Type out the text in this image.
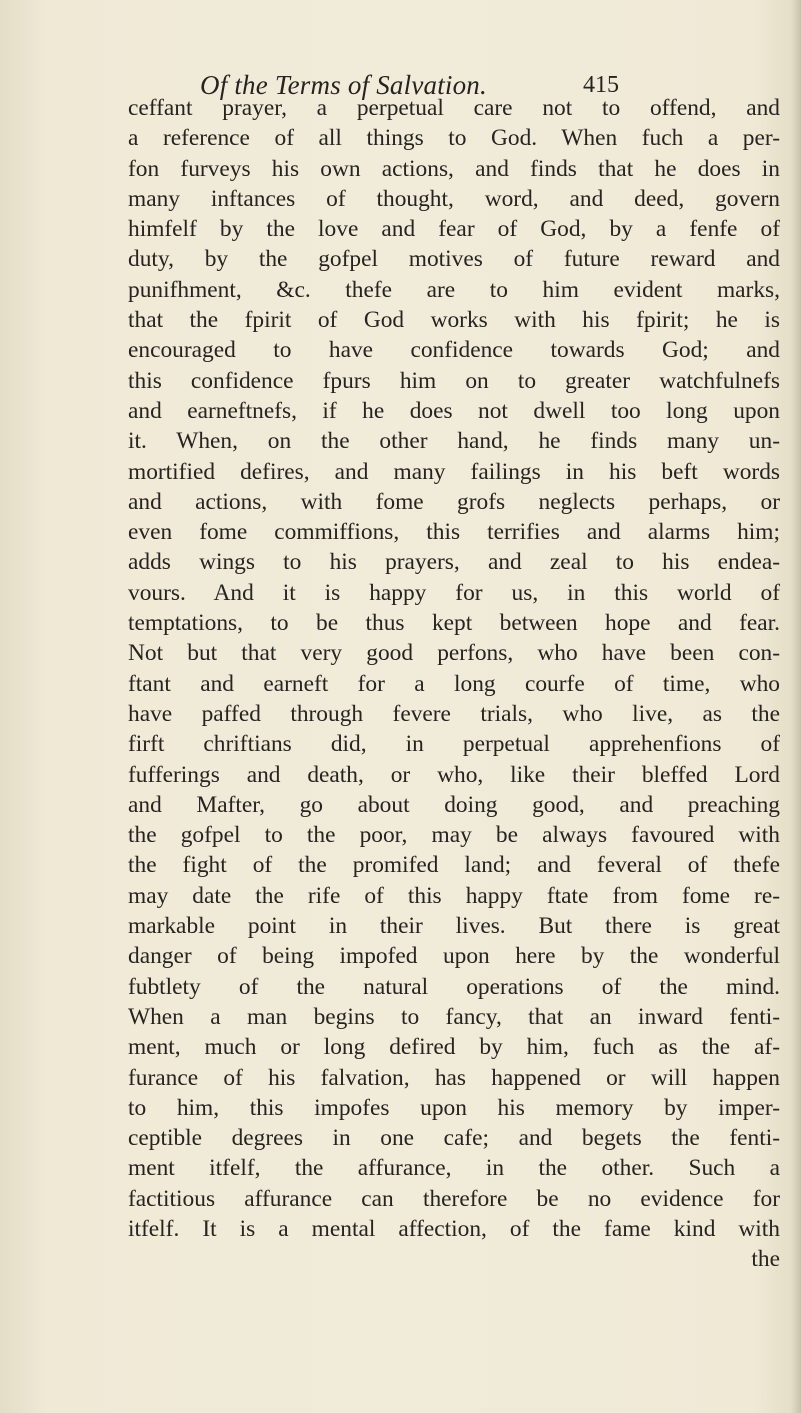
Of the Terms of Salvation.	415
ceffant prayer, a perpetual care not to offend, and
a reference of all things to God. When fuch a per-
fon furveys his own actions, and finds that he does in
many inftances of thought, word, and deed, govern
himfelf by the love and fear of God, by a fenfe of
duty, by the gofpel motives of future reward and
punifhment, &c. thefe are to him evident marks,
that the fpirit of God works with his fpirit; he is
encouraged to have confidence towards God; and
this confidence fpurs him on to greater watchfulnefs
and earneftnefs, if he does not dwell too long upon
it. When, on the other hand, he finds many un-
mortified defires, and many failings in his beft words
and actions, with fome grofs neglects perhaps, or
even fome commiffions, this terrifies and alarms him;
adds wings to his prayers, and zeal to his endea-
vours. And it is happy for us, in this world of
temptations, to be thus kept between hope and fear.
Not but that very good perfons, who have been con-
ftant and earneft for a long courfe of time, who
have paffed through fevere trials, who live, as the
firft chriftians did, in perpetual apprehenfions of
fufferings and death, or who, like their bleffed Lord
and Mafter, go about doing good, and preaching
the gofpel to the poor, may be always favoured with
the fight of the promifed land; and feveral of thefe
may date the rife of this happy ftate from fome re-
markable point in their lives. But there is great
danger of being impofed upon here by the wonderful
fubtlety of the natural operations of the mind.
When a man begins to fancy, that an inward fenti-
ment, much or long defired by him, fuch as the af-
furance of his falvation, has happened or will happen
to him, this impofes upon his memory by imper-
ceptible degrees in one cafe; and begets the fenti-
ment itfelf, the affurance, in the other. Such a
factitious affurance can therefore be no evidence for
itfelf. It is a mental affection, of the fame kind with
the
